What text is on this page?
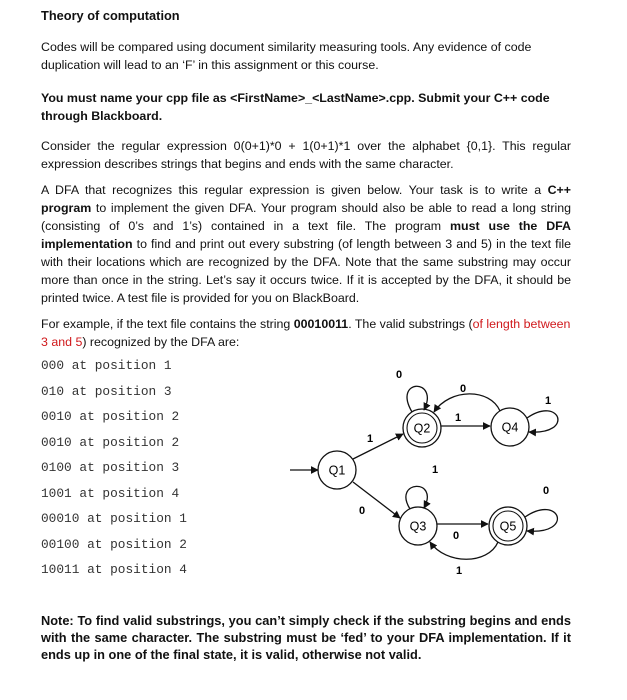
Theory of computation

Codes will be compared using document similarity measuring tools. Any evidence of code duplication will lead to an ‘F’ in this assignment or this course.

You must name your cpp file as <FirstName>_<LastName>.cpp. Submit your C++ code through Blackboard.

Consider the regular expression 0(0+1)*0 + 1(0+1)*1 over the alphabet {0,1}. This regular expression describes strings that begins and ends with the same character.

A DFA that recognizes this regular expression is given below. Your task is to write a C++ program to implement the given DFA. Your program should also be able to read a long string (consisting of 0’s and 1’s) contained in a text file. The program must use the DFA implementation to find and print out every substring (of length between 3 and 5) in the text file with their locations which are recognized by the DFA. Note that the same substring may occur more than once in the string. Let’s say it occurs twice. If it is accepted by the DFA, it should be printed twice. A test file is provided for you on BlackBoard.

For example, if the text file contains the string 00010011. The valid substrings (of length between 3 and 5) recognized by the DFA are:

000 at position 1
010 at position 3
0010 at position 2
0010 at position 2
0100 at position 3
1001 at position 4
00010 at position 1
00100 at position 2
10011 at position 4
Q1
Q2
Q3
Q4
Q5
1
0
0
1
0
1
1
0
1
0

Note: To find valid substrings, you can’t simply check if the substring begins and ends with the same character. The substring must be ‘fed’ to your DFA implementation. If it ends up in one of the final state, it is valid, otherwise not valid.
